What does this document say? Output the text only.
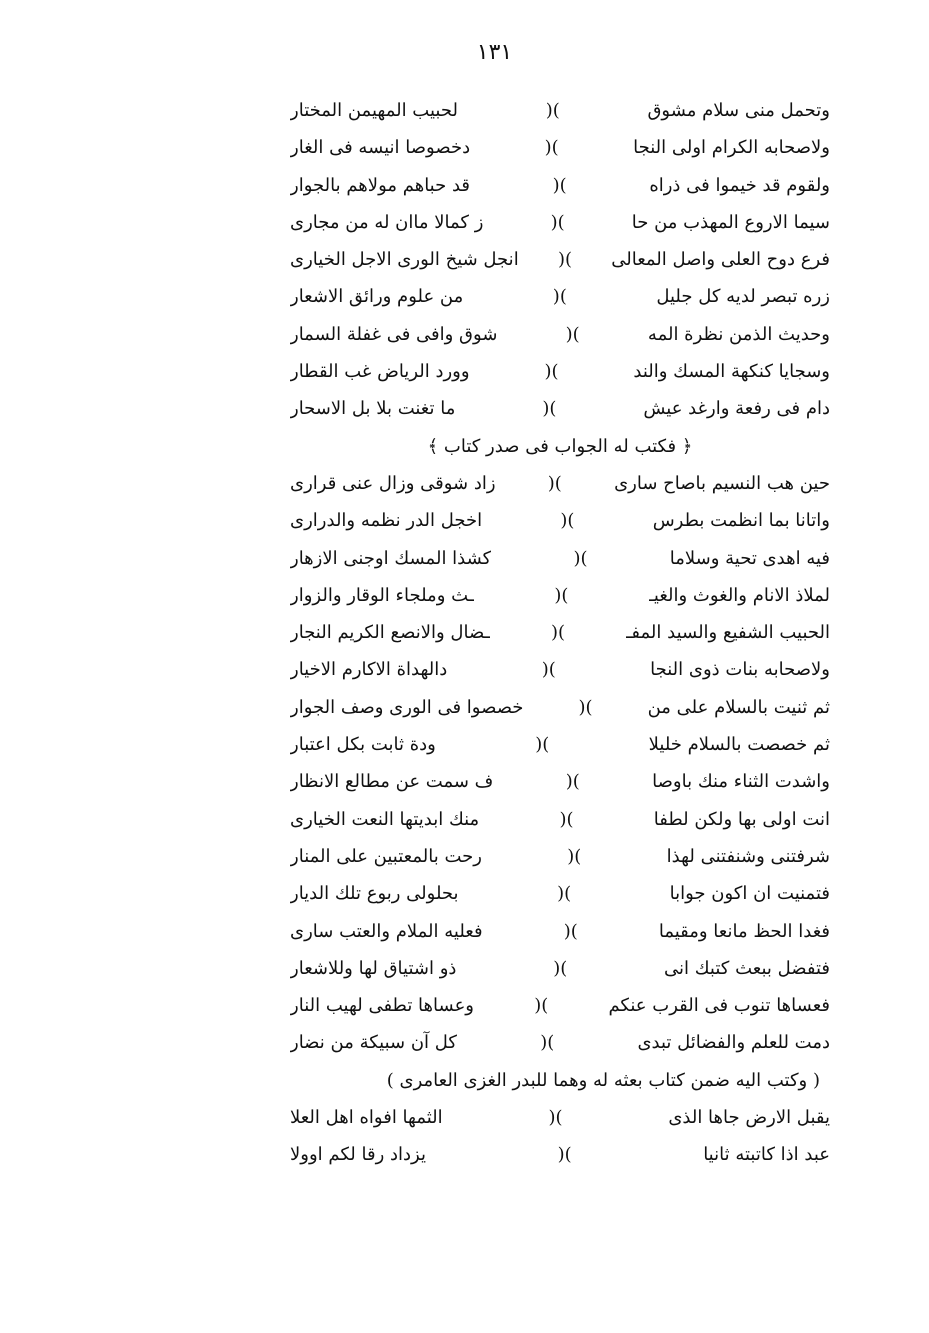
١٣١
وتحمل منى سلام مشوق
)(
لحبيب المهيمن المختار
ولاصحابه الكرام اولى النجا
)(
دخصوصا انيسه فى الغار
ولقوم قد خيموا فى ذراه
)(
قد حباهم مولاهم بالجوار
سيما الاروع المهذب من حا
)(
ز كمالا ماان له من مجارى
فرع دوح العلى واصل المعالى
)(
انجل شيخ الورى الاجل الخيارى
زره تبصر لديه كل جليل
)(
من علوم ورائق الاشعار
وحديث الذمن نظرة المه
)(
شوق وافى فى غفلة السمار
وسجايا كنكهة المسك والند
)(
وورد الرياض غب القطار
دام فى رفعة وارغد عيش
)(
ما تغنت بلا بل الاسحار
﴿ فكتب له الجواب فى صدر كتاب ﴾
حين هب النسيم باصاح سارى
)(
زاد شوقى وزال عنى قرارى
واتانا بما انظمت بطرس
)(
اخجل الدر نظمه والدرارى
فيه اهدى تحية وسلاما
)(
كشذا المسك اوجنى الازهار
لملاذ الانام والغوث والغيـ
)(
ـث وملجاء الوقار والزوار
الحبيب الشفيع والسيد المفـ
)(
ـضال والانصع الكريم النجار
ولاصحابه بنات ذوى النجا
)(
دالهداة الاكارم الاخيار
ثم ثنيت بالسلام على من
)(
خصصوا فى الورى وصف الجوار
ثم خصصت بالسلام خليلا
)(
ودة ثابت بكل اعتبار
واشدت الثناء منك باوصا
)(
ف سمت عن مطالع الانظار
انت اولى بها ولكن لطفا
)(
منك ابديتها النعت الخيارى
شرفتنى وشنفتنى لهذا
)(
رحت بالمعتبين على المنار
فتمنيت ان اكون جوابا
)(
بحلولى ربوع تلك الديار
فغدا الحظ مانعا ومقيما
)(
فعليه الملام والعتب سارى
فتفضل ببعث كتبك انى
)(
ذو اشتياق لها وللاشعار
فعساها تنوب فى القرب عنكم
)(
وعساها تطفى لهيب النار
دمت للعلم والفضائل تبدى
)(
كل آن سبيكة من نضار
( وكتب اليه ضمن كتاب بعثه له وهما للبدر الغزى العامرى )
يقبل الارض جاها الذى
)(
الثمها افواه اهل العلا
عبد اذا كاتبته ثانيا
)(
يزداد رقا لكم اوولا
